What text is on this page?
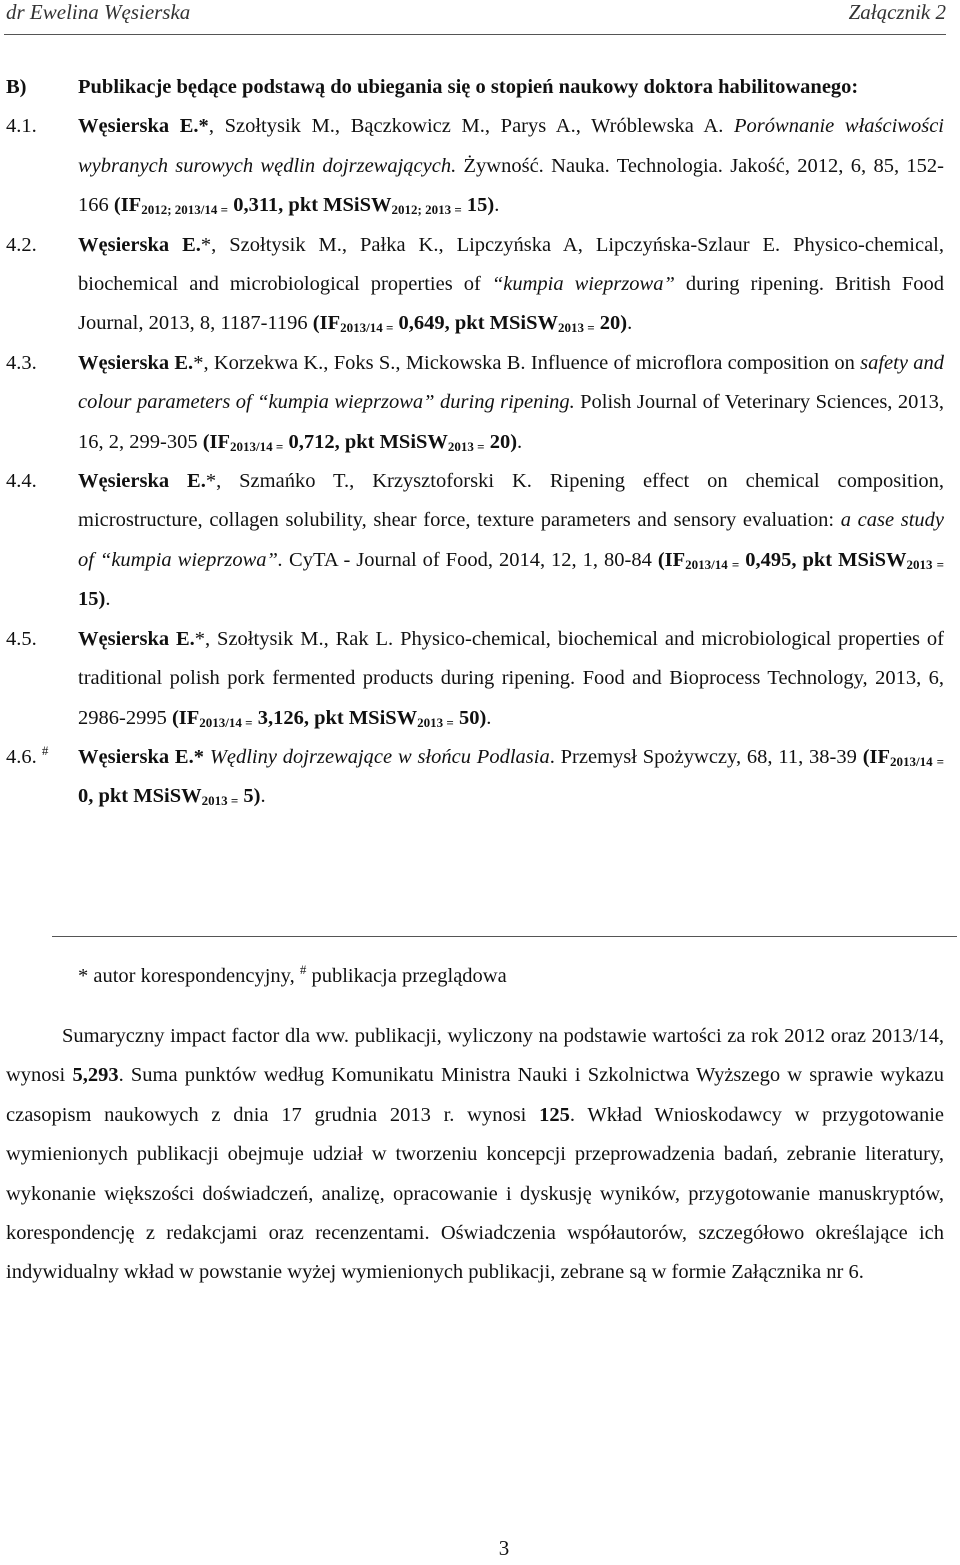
dr Ewelina Węsierska	Załącznik 2
B)	Publikacje będące podstawą do ubiegania się o stopień naukowy doktora habilitowanego:
4.1.	Węsierska E.*, Szołtysik M., Bączkowicz M., Parys A., Wróblewska A. Porównanie właściwości wybranych surowych wędlin dojrzewających. Żywność. Nauka. Technologia. Jakość, 2012, 6, 85, 152-166 ($IF_{2012; 2013/14 =}$ 0,311, pkt MSiSW$_{2012; 2013 =}$ 15).
4.2.	Węsierska E.*, Szołtysik M., Pałka K., Lipczyńska A, Lipczyńska-Szlaur E. Physico-chemical, biochemical and microbiological properties of “kumpia wieprzowa” during ripening. British Food Journal, 2013, 8, 1187-1196 ($IF_{2013/14 =}$ 0,649, pkt MSiSW$_{2013 =}$ 20).
4.3.	Węsierska E.*, Korzekwa K., Foks S., Mickowska B. Influence of microflora composition on safety and colour parameters of “kumpia wieprzowa” during ripening. Polish Journal of Veterinary Sciences, 2013, 16, 2, 299-305 ($IF_{2013/14 =}$ 0,712, pkt MSiSW$_{2013 =}$ 20).
4.4.	Węsierska E.*, Szmańko T., Krzysztoforski K. Ripening effect on chemical composition, microstructure, collagen solubility, shear force, texture parameters and sensory evaluation: a case study of “kumpia wieprzowa”. CyTA - Journal of Food, 2014, 12, 1, 80-84 ($IF_{2013/14 =}$ 0,495, pkt MSiSW$_{2013 =}$ 15).
4.5.	Węsierska E.*, Szołtysik M., Rak L. Physico-chemical, biochemical and microbiological properties of traditional polish pork fermented products during ripening. Food and Bioprocess Technology, 2013, 6, 2986-2995 ($IF_{2013/14 =}$ 3,126, pkt MSiSW$_{2013 =}$ 50).
4.6. #	Węsierska E.* Wędliny dojrzewające w słońcu Podlasia. Przemysł Spożywczy, 68, 11, 38-39 ($IF_{2013/14 =}$ 0, pkt MSiSW$_{2013 =}$ 5).
* autor korespondencyjny, # publikacja przeglądowa
Sumaryczny impact factor dla ww. publikacji, wyliczony na podstawie wartości za rok 2012 oraz 2013/14, wynosi 5,293. Suma punktów według Komunikatu Ministra Nauki i Szkolnictwa Wyższego w sprawie wykazu czasopism naukowych z dnia 17 grudnia 2013 r. wynosi 125. Wkład Wnioskodawcy w przygotowanie wymienionych publikacji obejmuje udział w tworzeniu koncepcji przeprowadzenia badań, zebranie literatury, wykonanie większości doświadczeń, analizę, opracowanie i dyskusję wyników, przygotowanie manuskryptów, korespondencję z redakcjami oraz recenzentami. Oświadczenia współautorów, szczegółowo określające ich indywidualny wkład w powstanie wyżej wymienionych publikacji, zebrane są w formie Załącznika nr 6.
3
